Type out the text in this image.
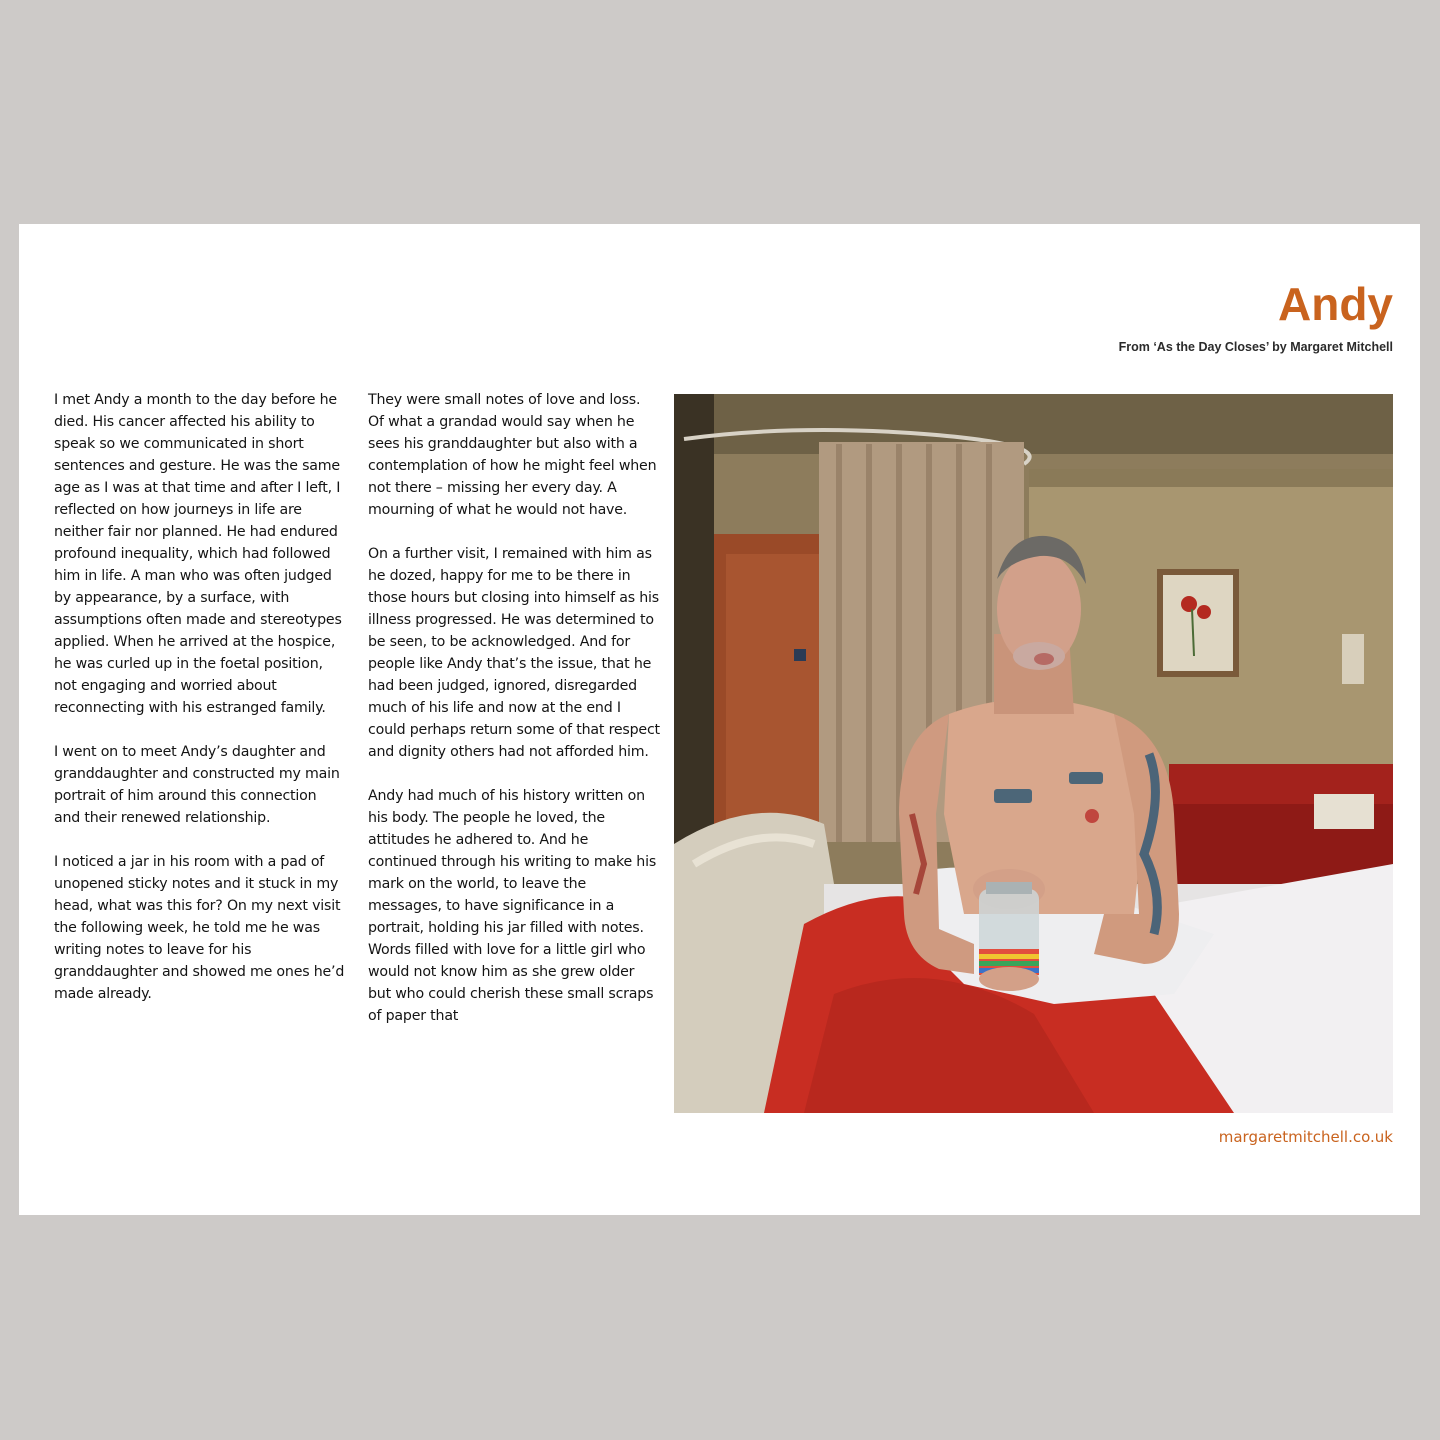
Andy
From ‘As the Day Closes’ by Margaret Mitchell

I met Andy a month to the day before he died. His cancer affected his ability to speak so we communicated in short sentences and gesture. He was the same age as I was at that time and after I left, I reflected on how journeys in life are neither fair nor planned. He had endured profound inequality, which had followed him in life. A man who was often judged by appearance, by a surface, with assumptions often made and stereotypes applied. When he arrived at the hospice, he was curled up in the foetal position, not engaging and worried about reconnecting with his estranged family.

I went on to meet Andy’s daughter and granddaughter and constructed my main portrait of him around this connection and their renewed relationship.

I noticed a jar in his room with a pad of unopened sticky notes and it stuck in my head, what was this for? On my next visit the following week, he told me he was writing notes to leave for his granddaughter and showed me ones he’d made already.

They were small notes of love and loss. Of what a grandad would say when he sees his granddaughter but also with a contemplation of how he might feel when not there – missing her every day. A mourning of what he would not have.

On a further visit, I remained with him as he dozed, happy for me to be there in those hours but closing into himself as his illness progressed. He was determined to be seen, to be acknowledged. And for people like Andy that’s the issue, that he had been judged, ignored, disregarded much of his life and now at the end I could perhaps return some of that respect and dignity others had not afforded him.

Andy had much of his history written on his body. The people he loved, the attitudes he adhered to. And he continued through his writing to make his mark on the world, to leave the messages, to have significance in a portrait, holding his jar filled with notes. Words filled with love for a little girl who would not know him as she grew older but who could cherish these small scraps of paper that

margaretmitchell.co.uk
